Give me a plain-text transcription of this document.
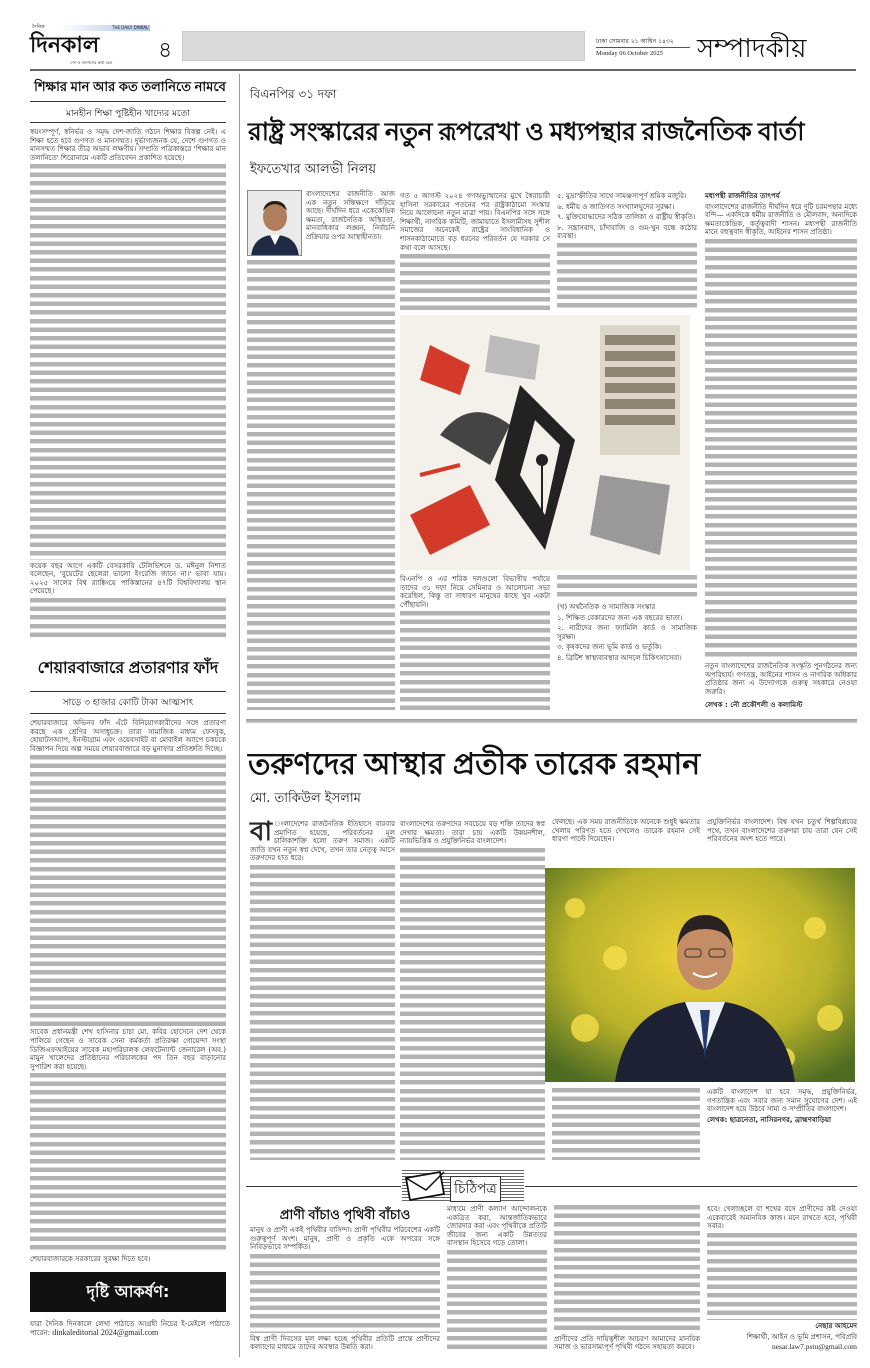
দৈনিক	THE DAILY DINKAL
দিনকাল
দেশ ও জনগণের কথা বলে ৪	ঢাকা সোমবার ২১ আশ্বিন ১৪৩২
Monday 06 October 2025 সম্পাদকীয়
শিক্ষার মান আর কত তলানিতে নামবে
মানহীন শিক্ষা পুষ্টিহীন খাদ্যের মতো

স্বয়ংসম্পূর্ণ, স্বনির্ভর ও সমৃদ্ধ দেশ-জাতি গঠনে শিক্ষার বিকল্প নেই। এ শিক্ষা হতে হবে গুণগত ও মানসম্মত। দুর্ভাগ্যজনক যে, দেশে গুণগত ও মানসম্মত শিক্ষার তীব্র অভাব লক্ষণীয়। সম্প্রতি পত্রিকান্তরে 'শিক্ষার মান তলানিতে' শিরোনামে একটি প্রতিবেদন প্রকাশিত হয়েছে।

কয়েক বছর আগে একটি বেসরকারি টেলিভিশনে ড. মঈনুল নিশাত বলেছেন, 'বুয়েটের ছেলেরা ভালো ইংরেজি জানে না।' ভাবা যায়। ২০২৫ সালের বিশ্ব র‌্যাঙ্কিংয়ে পাকিস্তানের ৪৭টি বিশ্ববিদ্যালয় স্থান পেয়েছে।

শেয়ারবাজারে প্রতারণার ফাঁদ
সাড়ে ৩ হাজার কোটি টাকা আত্মসাৎ

শেয়ারবাজারে অভিনব ফাঁদ এঁটে বিনিয়োগকারীদের সঙ্গে প্রতারণা করছে এক শ্রেণির অসাধুচক্র। তারা সামাজিক মাধ্যম ফেসবুক, হোয়াটসঅ্যাপ, ইনস্টাগ্রাম এবং ওয়েবসাইট বা মোবাইল অ্যাপে চকচকে বিজ্ঞাপন দিয়ে অল্প সময়ে শেয়ারবাজারে বড় মুনাফার প্রতিশ্রুতি দিচ্ছে।

সাবেক প্রধানমন্ত্রী শেখ হাসিনার চাচা মো. কবির হোসেনে দেশ থেকে পালিয়ে গেছেন ও সাবেক সেনা কর্মকর্তা প্রতিরক্ষা গোয়েন্দা সংস্থা ডিজিএফআইয়ের সাবেক মহাপরিচালক লেফটেন্যান্ট জেনারেল (অব.) মামুন খালেদের প্রতিষ্ঠানের পরিচালকের পদ তিন বছর বাড়ানোর সুপারিশ করা হয়েছে।

শেয়ারবাজারকে সরকারের সুরক্ষা দিতে হবে।

দৃষ্টি আকর্ষণ:
যারা দৈনিক দিনকালে লেখা পাঠাতে আগ্রহী নিচের ই-মেইলে পাঠাতে পারেন: dinkaleditorial 2024@gmail.com
বিএনপির ৩১ দফা
রাষ্ট্র সংস্কারের নতুন রূপরেখা ও মধ্যপন্থার রাজনৈতিক বার্তা
ইফতেখার আলভী নিলয়

বাংলাদেশের রাজনীতি আজ এক নতুন সন্ধিক্ষণে দাঁড়িয়ে আছে। দীর্ঘদিন ধরে একেকেন্দ্রিক ক্ষমতা, রাজনৈতিক অস্থিরতা, মানবাধিকার লঙ্ঘন, নির্বাচনি প্রক্রিয়ার ওপর আস্থাহীনতা।

গত ৫ আগস্ট ২০২৪ গণঅভ্যুত্থানের মুখে স্বৈরাচারী হাসিনা সরকারের পতনের পর রাষ্ট্রকাঠামো সংস্কার নিয়ে আলোচনা নতুন মাত্রা পায়। বিএনপির সঙ্গে সঙ্গে শিক্ষার্থী, নাগরিক কমিটি, জামায়াতে ইসলামীসহ সুশীল সমাজের অনেকেই রাষ্ট্রের সাংবিধানিক ও শাসনকাঠামোতে বড় ধরনের পরিবর্তন যে দরকার সে কথা বলে আসছে।

বিএনপি ও এর শরিক দলগুলো বিভাগীয় পর্যায়ে তাদের ৩১ দফা নিয়ে সেমিনার ও আলোচনা সভা করেছিল, কিন্তু তা সাধারণ মানুষের কাছে খুব একটা পৌঁছায়নি।

৫. মুদ্রাস্ফীতির সাথে সামঞ্জস্যপূর্ণ শ্রমিক মজুরি।

৬. ধর্মীয় ও জাতিগত সংখ্যালঘুদের সুরক্ষা।

৭. মুক্তিযোদ্ধাদের সঠিক তালিকা ও রাষ্ট্রীয় স্বীকৃতি।

৮. সন্ত্রাসবাদ, চাঁদাবাজি ও গুম-খুন বন্ধে কঠোর ব্যবস্থা।

(খ) অর্থনৈতিক ও সামাজিক সংস্কার

১. শিক্ষিত বেকারদের জন্য এক বছরের ভাতা।

২. নারীদের জন্য ফ্যামিলি কার্ড ও সামাজিক সুরক্ষা।

৩. কৃষকদের জন্য ভূমি কার্ড ও ভর্তুকি।

৪. ব্রিটিশ স্বাস্থ্যব্যবস্থার আদলে চিকিৎসাসেবা।

মধ্যপন্থী রাজনীতির তাৎপর্য

বাংলাদেশের রাজনীতি দীর্ঘদিন ধরে দুটি চরমপন্থার মধ্যে বন্দি— একদিকে ধর্মীয় রাজনীতি ও মৌলবাদ, অন্যদিকে ক্ষমতাকেন্দ্রিক, কর্তৃত্ববাদী শাসন। মধ্যপন্থী রাজনীতি মানে বহুত্ববাদ স্বীকৃতি, আইনের শাসন প্রতিষ্ঠা।

নতুন বাংলাদেশের রাজনৈতিক সংস্কৃতি পুনর্গঠনের জন্য অপরিহার্য। গণতন্ত্র, আইনের শাসন ও নাগরিক অধিকার প্রতিষ্ঠার জন্য এ উদ্যোগকে গুরুত্ব সহকারে নেওয়া জরুরি।

লেখক : নৌ প্রকৌশলী ও কলামিস্ট

তরুণদের আস্থার প্রতীক তারেক রহমান
মো. তাকিউল ইসলাম

বা ংলাদেশের রাজনৈতিক ইতিহাসে বারবার প্রমাণিত হয়েছে, পরিবর্তনের মূল চালিকাশক্তি হলো তরুণ সমাজ। একটি জাতি যখন নতুন স্বপ্ন দেখে, তখন তার নেতৃত্ব আসে তরুণদের হাত ধরে।

বাংলাদেশের তরুণদের সবচেয়ে বড় শক্তি তাদের স্বপ্ন দেখার ক্ষমতা। তারা চায় একটি উন্নয়নশীল, ন্যায়ভিত্তিক ও প্রযুক্তিনির্ভর বাংলাদেশ।

ফেলছে। এক সময় রাজনীতিকে অনেকে শুধুই ক্ষমতার খেলায় পরিণত হতে দেখলেও তারেক রহমান সেই ধারণা পাল্টে দিয়েছেন।

প্রযুক্তিনির্ভর বাংলাদেশ। বিশ্ব যখন চতুর্থ শিল্পবিপ্লবের পথে, তখন বাংলাদেশের তরুণরা চায় তারা যেন সেই পরিবর্তনের অংশ হতে পারে।

একটি বাংলাদেশ যা হবে সমৃদ্ধ, প্রযুক্তিনির্ভর, গণতান্ত্রিক এবং সবার জন্য সমান সুযোগের দেশ। এই বাংলাদেশ হয়ে উঠবে সাম্য ও সম্প্রীতির বাংলাদেশ।

লেখক: ছাত্রনেতা, নাসিরনগর, ব্রাহ্মণবাড়িয়া

চিঠিপত্র
প্রাণী বাঁচাও পৃথিবী বাঁচাও

মানুষ ও প্রাণী একই পৃথিবীর বাসিন্দা। প্রাণী পৃথিবীর পরিবেশের একটি গুরুত্বপূর্ণ অংশ। মানুষ, প্রাণী ও প্রকৃতি একে অপরের সঙ্গে নিবিড়ভাবে সম্পর্কিত।

বিশ্ব প্রাণী দিবসের মূল লক্ষ্য হচ্ছে পৃথিবীর প্রতিটি প্রান্তে প্রাণীদের কল্যাণের মাধ্যমে তাদের অবস্থার উন্নতি করা।

মাধ্যমে প্রাণী কল্যাণ আন্দোলনকে একত্রিত করা, আন্তর্জাতিকভাবে জোরদার করা এবং পৃথিবীকে প্রতিটি জীবের জন্য একটি উন্নততর বাসস্থান হিসেবে গড়ে তোলা।

প্রাণীদের প্রতি দায়িত্বশীল আচরণ আমাদের মানবিক সমাজ ও ভারসাম্যপূর্ণ পৃথিবী গঠনে সহায়তা করবে।

হবে। খেলাচ্ছলে বা শখের বসে প্রাণীদের কষ্ট দেওয়া একেবারেই অমানবিক কাজ। মনে রাখতে হবে, পৃথিবী সবার।

নেছার আহমেদ

শিক্ষার্থী, আইন ও ভূমি প্রশাসন, পবিপ্রবি

nesar.law7.pstu@gmail.com
